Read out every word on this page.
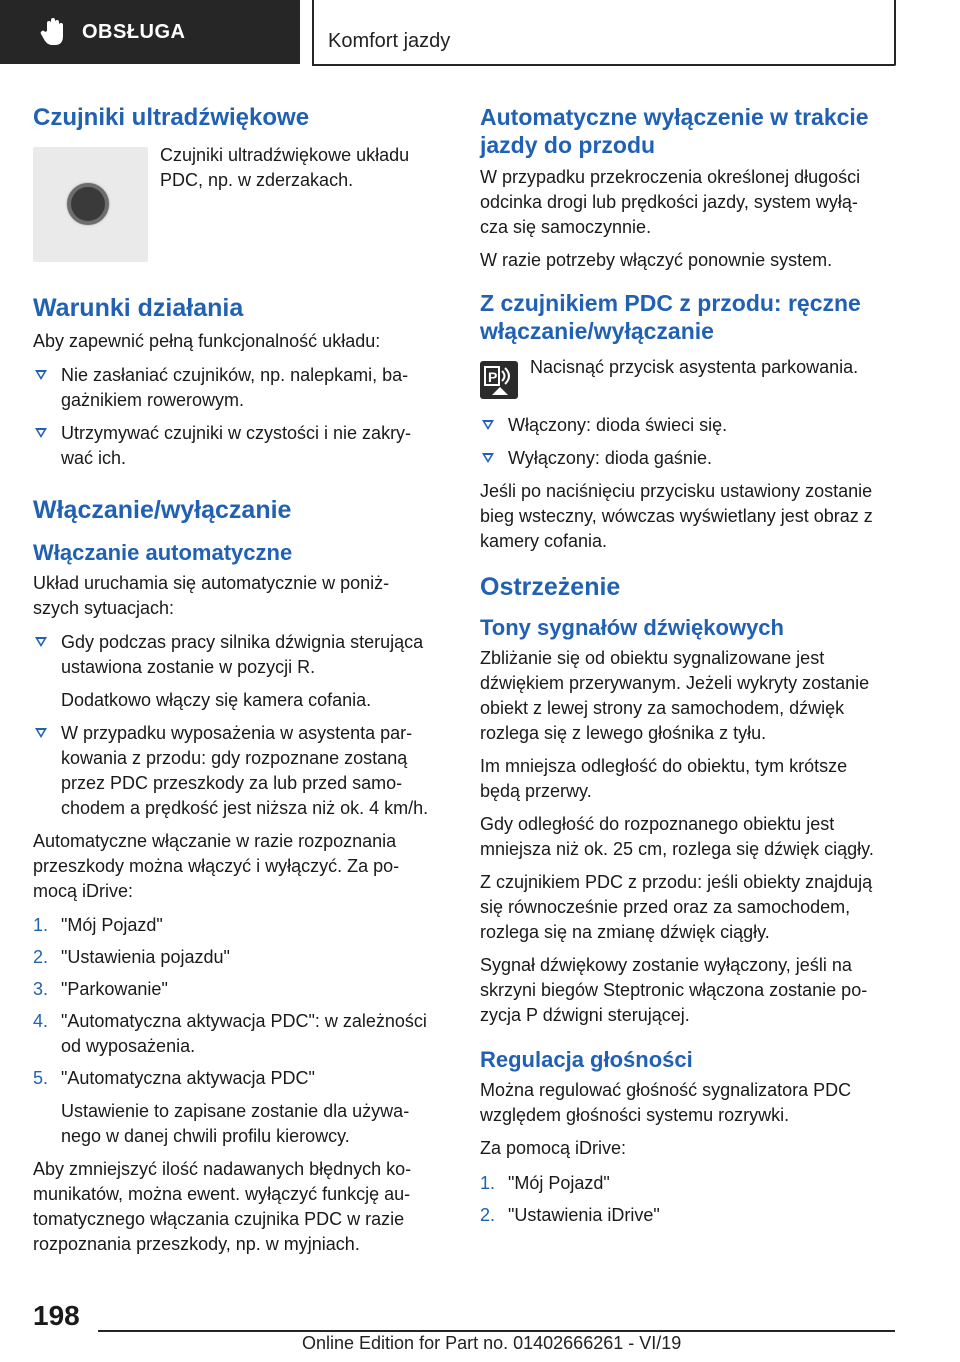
OBSŁUGA	Komfort jazdy
Czujniki ultradźwiękowe
Czujniki ultradźwiękowe układu
PDC, np. w zderzakach.
Warunki działania
Aby zapewnić pełną funkcjonalność układu:
Nie zasłaniać czujników, np. nalepkami, ba-
gażnikiem rowerowym.
Utrzymywać czujniki w czystości i nie zakry-
wać ich.
Włączanie/wyłączanie
Włączanie automatyczne
Układ uruchamia się automatycznie w poniż-
szych sytuacjach:
Gdy podczas pracy silnika dźwignia sterująca
ustawiona zostanie w pozycji R.
Dodatkowo włączy się kamera cofania.
W przypadku wyposażenia w asystenta par-
kowania z przodu: gdy rozpoznane zostaną
przez PDC przeszkody za lub przed samo-
chodem a prędkość jest niższa niż ok. 4 km/h.
Automatyczne włączanie w razie rozpoznania
przeszkody można włączyć i wyłączyć. Za po-
mocą iDrive:
1. "Mój Pojazd"
2. "Ustawienia pojazdu"
3. "Parkowanie"
4. "Automatyczna aktywacja PDC": w zależności
od wyposażenia.
5. "Automatyczna aktywacja PDC"
Ustawienie to zapisane zostanie dla używa-
nego w danej chwili profilu kierowcy.
Aby zmniejszyć ilość nadawanych błędnych ko-
munikatów, można ewent. wyłączyć funkcję au-
tomatycznego włączania czujnika PDC w razie
rozpoznania przeszkody, np. w myjniach.
Automatyczne wyłączenie w trakcie
jazdy do przodu
W przypadku przekroczenia określonej długości
odcinka drogi lub prędkości jazdy, system wyłą-
cza się samoczynnie.
W razie potrzeby włączyć ponownie system.
Z czujnikiem PDC z przodu: ręczne
włączanie/wyłączanie
P Nacisnąć przycisk asystenta parkowania.
Włączony: dioda świeci się.
Wyłączony: dioda gaśnie.
Jeśli po naciśnięciu przycisku ustawiony zostanie
bieg wsteczny, wówczas wyświetlany jest obraz z
kamery cofania.
Ostrzeżenie
Tony sygnałów dźwiękowych
Zbliżanie się od obiektu sygnalizowane jest
dźwiękiem przerywanym. Jeżeli wykryty zostanie
obiekt z lewej strony za samochodem, dźwięk
rozlega się z lewego głośnika z tyłu.
Im mniejsza odległość do obiektu, tym krótsze
będą przerwy.
Gdy odległość do rozpoznanego obiektu jest
mniejsza niż ok. 25 cm, rozlega się dźwięk ciągły.
Z czujnikiem PDC z przodu: jeśli obiekty znajdują
się równocześnie przed oraz za samochodem,
rozlega się na zmianę dźwięk ciągły.
Sygnał dźwiękowy zostanie wyłączony, jeśli na
skrzyni biegów Steptronic włączona zostanie po-
zycja P dźwigni sterującej.
Regulacja głośności
Można regulować głośność sygnalizatora PDC
względem głośności systemu rozrywki.
Za pomocą iDrive:
1. "Mój Pojazd"
2. "Ustawienia iDrive"
198
Online Edition for Part no. 01402666261 - VI/19
